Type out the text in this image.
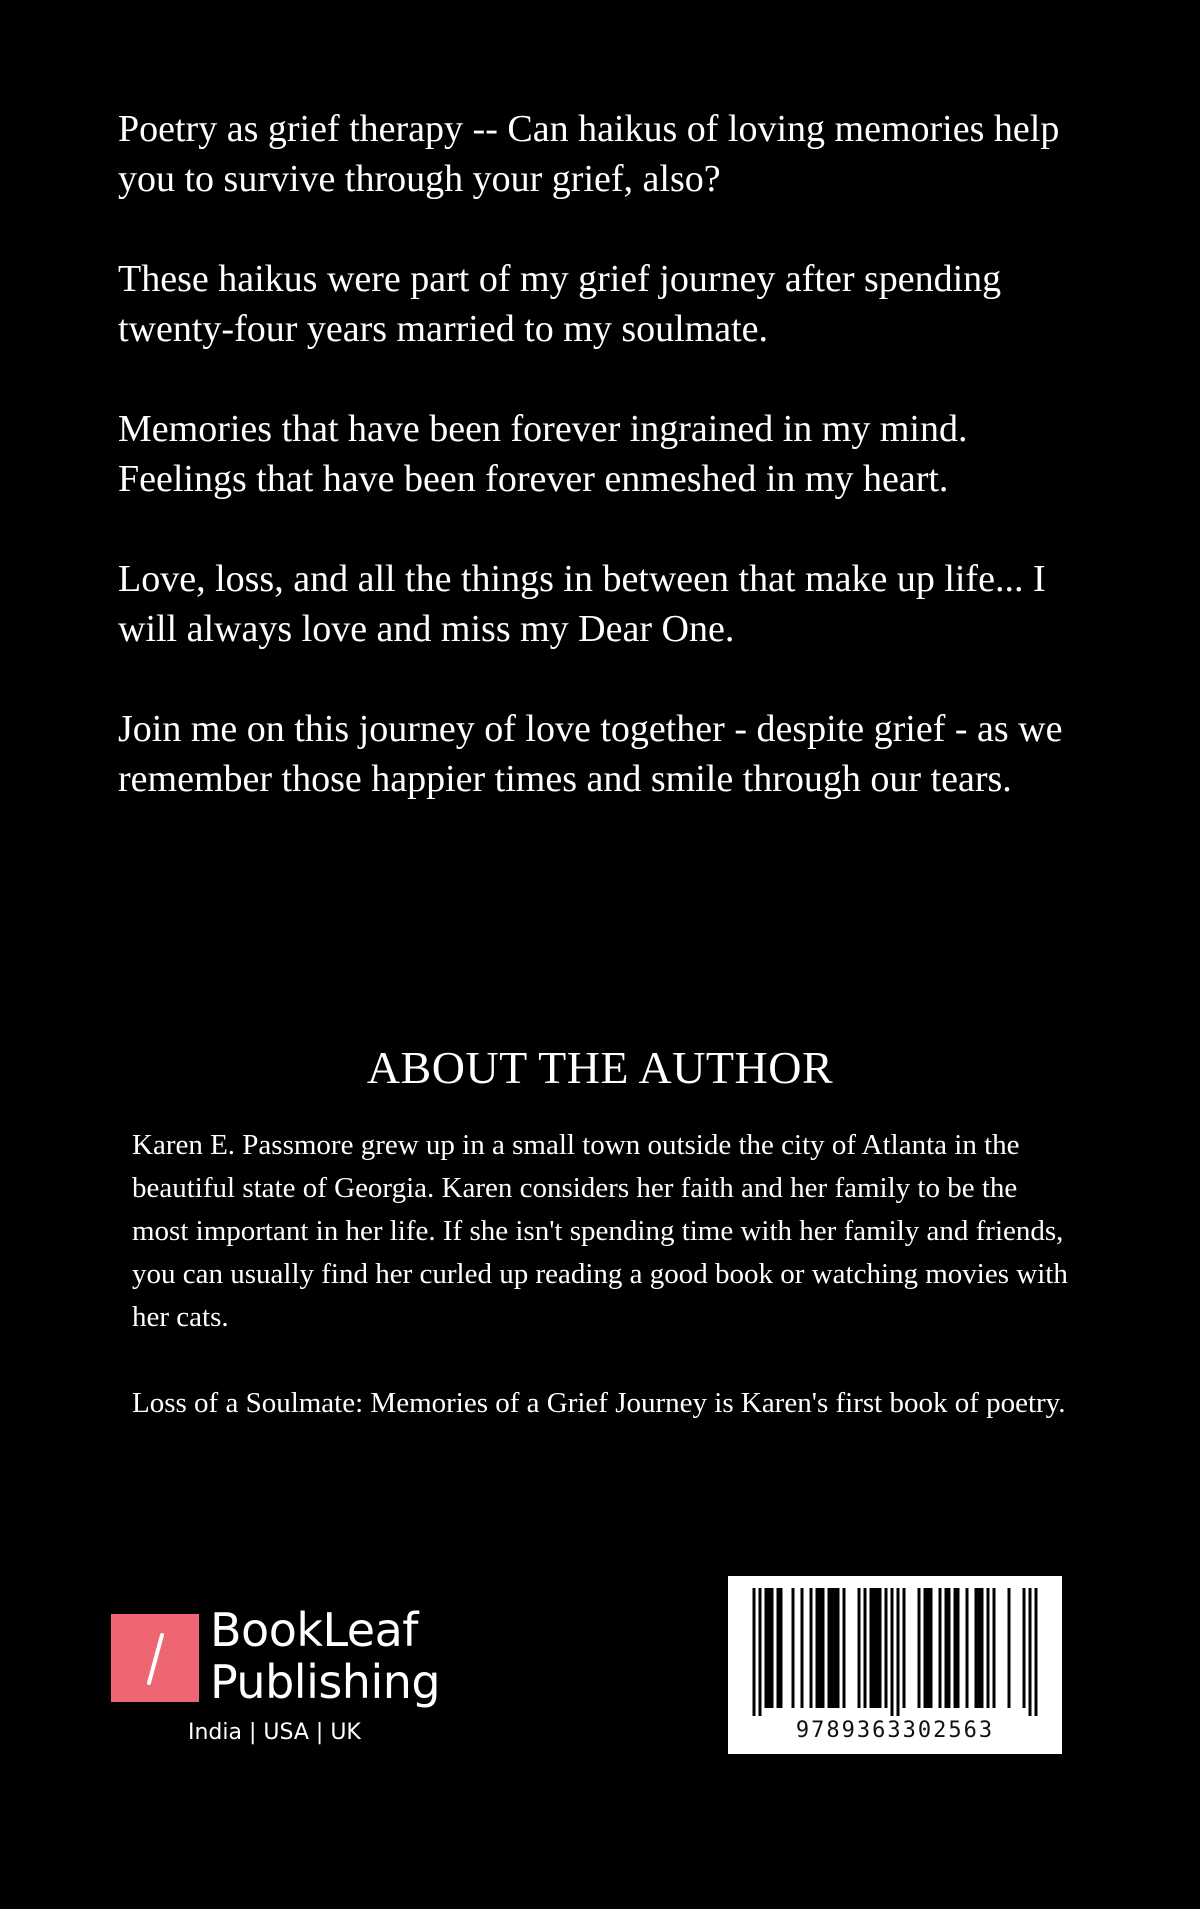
Poetry as grief therapy -- Can haikus of loving memories help you to survive through your grief, also?

These haikus were part of my grief journey after spending twenty-four years married to my soulmate.

Memories that have been forever ingrained in my mind. Feelings that have been forever enmeshed in my heart.

Love, loss, and all the things in between that make up life... I will always love and miss my Dear One.

Join me on this journey of love together - despite grief - as we remember those happier times and smile through our tears.

ABOUT THE AUTHOR

Karen E. Passmore grew up in a small town outside the city of Atlanta in the beautiful state of Georgia. Karen considers her faith and her family to be the most important in her life. If she isn't spending time with her family and friends, you can usually find her curled up reading a good book or watching movies with her cats.

Loss of a Soulmate: Memories of a Grief Journey is Karen's first book of poetry.

BookLeaf
Publishing
India | USA | UK	9789363302563
